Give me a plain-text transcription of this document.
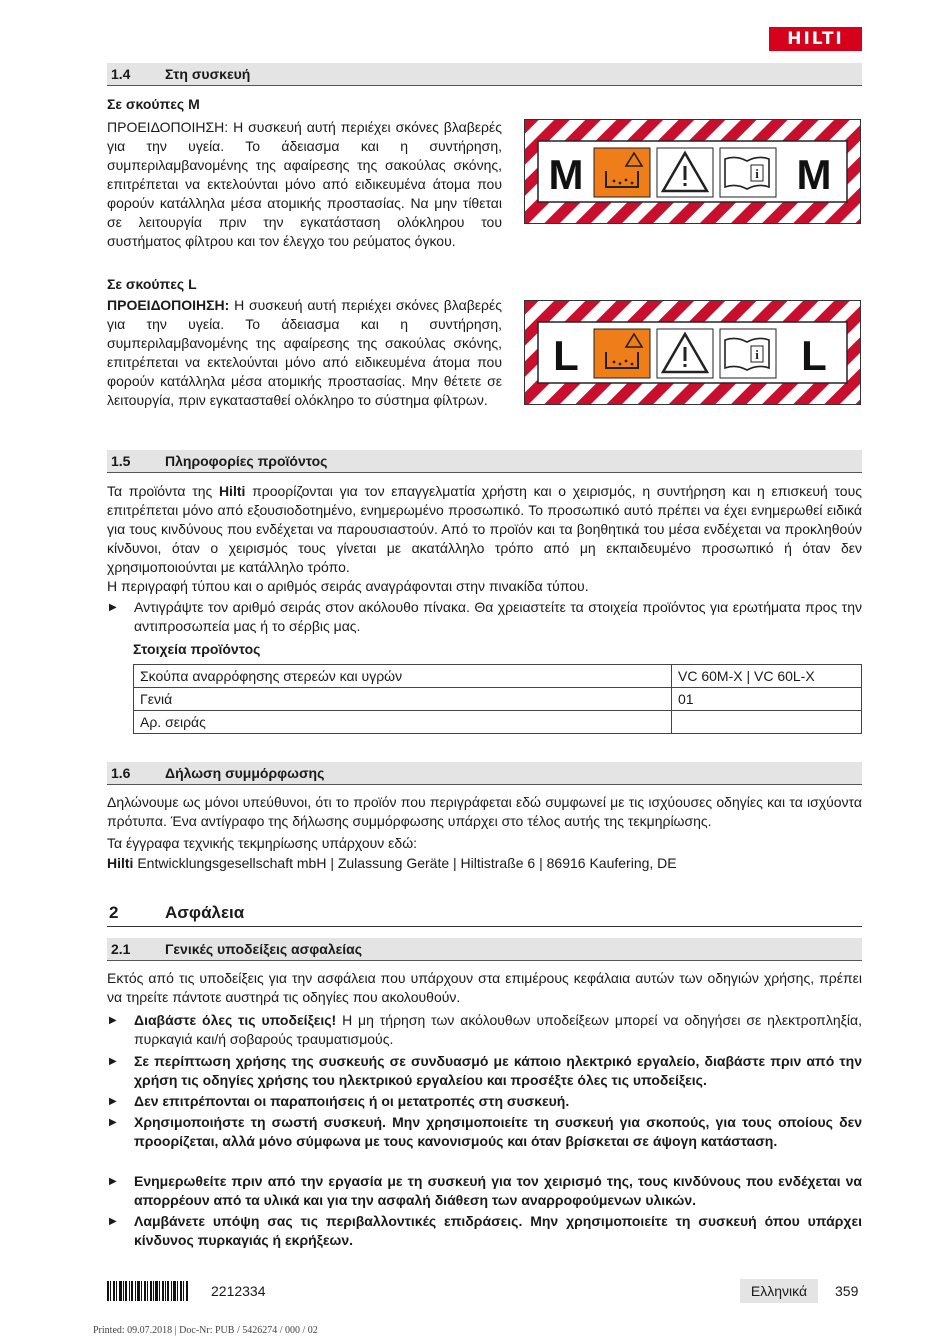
HILTI
1.4 Στη συσκευή
Σε σκούπες M
ΠΡΟΕΙΔΟΠΟΙΗΣΗ: Η συσκευή αυτή περιέχει σκόνες βλαβερές για την υγεία. Το άδειασμα και η συντήρηση, συμπεριλαμβανομένης της αφαίρεσης της σακούλας σκόνης, επιτρέπεται να εκτελούνται μόνο από ειδικευμένα άτομα που φορούν κατάλληλα μέσα ατομικής προστασίας. Να μην τίθεται σε λειτουργία πριν την εγκατάσταση ολόκληρου του συστήματος φίλτρου και τον έλεγχο του ρεύματος όγκου.
Σε σκούπες L
ΠΡΟΕΙΔΟΠΟΙΗΣΗ: Η συσκευή αυτή περιέχει σκόνες βλαβερές για την υγεία. Το άδειασμα και η συντήρηση, συμπεριλαμβανομένης της αφαίρεσης της σακούλας σκόνης, επιτρέπεται να εκτελούνται μόνο από ειδικευμένα άτομα που φορούν κατάλληλα μέσα ατομικής προστασίας. Μην θέτετε σε λειτουργία, πριν εγκατασταθεί ολόκληρο το σύστημα φίλτρων.
M	i M
L	i L
1.5 Πληροφορίες προϊόντος
Τα προϊόντα της Hilti προορίζονται για τον επαγγελματία χρήστη και ο χειρισμός, η συντήρηση και η επισκευή τους επιτρέπεται μόνο από εξουσιοδοτημένο, ενημερωμένο προσωπικό. Το προσωπικό αυτό πρέπει να έχει ενημερωθεί ειδικά για τους κινδύνους που ενδέχεται να παρουσιαστούν. Από το προϊόν και τα βοηθητικά του μέσα ενδέχεται να προκληθούν κίνδυνοι, όταν ο χειρισμός τους γίνεται με ακατάλληλο τρόπο από μη εκπαιδευμένο προσωπικό ή όταν δεν χρησιμοποιούνται με κατάλληλο τρόπο.
Η περιγραφή τύπου και ο αριθμός σειράς αναγράφονται στην πινακίδα τύπου.
▶ Αντιγράψτε τον αριθμό σειράς στον ακόλουθο πίνακα. Θα χρειαστείτε τα στοιχεία προϊόντος για ερωτήματα προς την αντιπροσωπεία μας ή το σέρβις μας.
Στοιχεία προϊόντος
Σκούπα αναρρόφησης στερεών και υγρών	VC 60M-X | VC 60L-X
Γενιά	01
Αρ. σειράς	
1.6 Δήλωση συμμόρφωσης
Δηλώνουμε ως μόνοι υπεύθυνοι, ότι το προϊόν που περιγράφεται εδώ συμφωνεί με τις ισχύουσες οδηγίες και τα ισχύοντα πρότυπα. Ένα αντίγραφο της δήλωσης συμμόρφωσης υπάρχει στο τέλος αυτής της τεκμηρίωσης.
Τα έγγραφα τεχνικής τεκμηρίωσης υπάρχουν εδώ:
Hilti Entwicklungsgesellschaft mbH | Zulassung Geräte | Hiltistraße 6 | 86916 Kaufering, DE
2	Ασφάλεια
2.1 Γενικές υποδείξεις ασφαλείας
Εκτός από τις υποδείξεις για την ασφάλεια που υπάρχουν στα επιμέρους κεφάλαια αυτών των οδηγιών χρήσης, πρέπει να τηρείτε πάντοτε αυστηρά τις οδηγίες που ακολουθούν.
▶ Διαβάστε όλες τις υποδείξεις! Η μη τήρηση των ακόλουθων υποδείξεων μπορεί να οδηγήσει σε ηλεκτροπληξία, πυρκαγιά και/ή σοβαρούς τραυματισμούς.
▶ Σε περίπτωση χρήσης της συσκευής σε συνδυασμό με κάποιο ηλεκτρικό εργαλείο, διαβάστε πριν από την χρήση τις οδηγίες χρήσης του ηλεκτρικού εργαλείου και προσέξτε όλες τις υποδείξεις.
▶ Δεν επιτρέπονται οι παραποιήσεις ή οι μετατροπές στη συσκευή.
▶ Χρησιμοποιήστε τη σωστή συσκευή. Μην χρησιμοποιείτε τη συσκευή για σκοπούς, για τους οποίους δεν προορίζεται, αλλά μόνο σύμφωνα με τους κανονισμούς και όταν βρίσκεται σε άψογη κατάσταση.
▶ Ενημερωθείτε πριν από την εργασία με τη συσκευή για τον χειρισμό της, τους κινδύνους που ενδέχεται να απορρέουν από τα υλικά και για την ασφαλή διάθεση των αναρροφούμενων υλικών.
▶ Λαμβάνετε υπόψη σας τις περιβαλλοντικές επιδράσεις. Μην χρησιμοποιείτε τη συσκευή όπου υπάρχει κίνδυνος πυρκαγιάς ή εκρήξεων.
2212334	Ελληνικά	359
Printed: 09.07.2018 | Doc-Nr: PUB / 5426274 / 000 / 02
